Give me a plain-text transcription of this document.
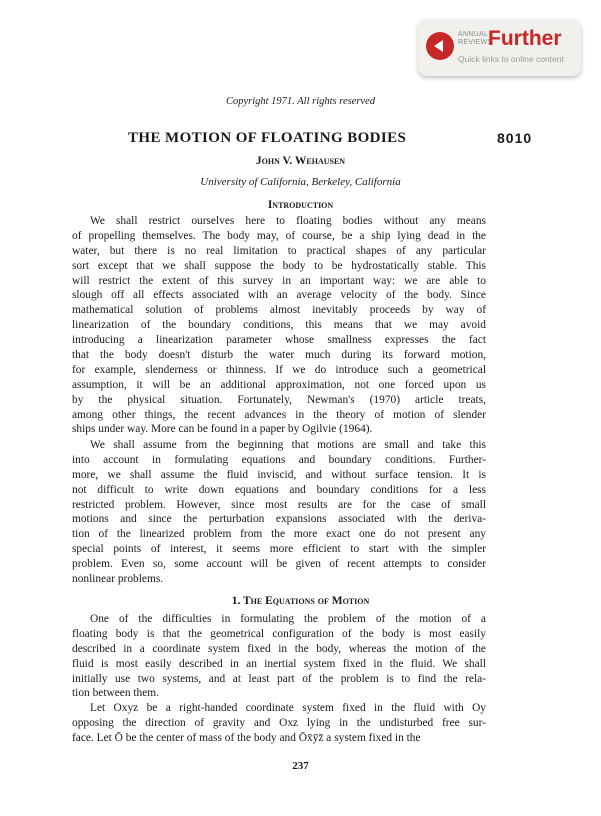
ANNUAL REVIEWS
Further
Quick links to online content
Copyright 1971. All rights reserved
THE MOTION OF FLOATING BODIES	8010
John V. Wehausen
University of California, Berkeley, California
Introduction
We shall restrict ourselves here to floating bodies without any means
of propelling themselves. The body may, of course, be a ship lying dead in the
water, but there is no real limitation to practical shapes of any particular
sort except that we shall suppose the body to be hydrostatically stable. This
will restrict the extent of this survey in an important way: we are able to
slough off all effects associated with an average velocity of the body. Since
mathematical solution of problems almost inevitably proceeds by way of
linearization of the boundary conditions, this means that we may avoid
introducing a linearization parameter whose smallness expresses the fact
that the body doesn't disturb the water much during its forward motion,
for example, slenderness or thinness. If we do introduce such a geometrical
assumption, it will be an additional approximation, not one forced upon us
by the physical situation. Fortunately, Newman's (1970) article treats,
among other things, the recent advances in the theory of motion of slender
ships under way. More can be found in a paper by Ogilvie (1964).
We shall assume from the beginning that motions are small and take this
into account in formulating equations and boundary conditions. Further-
more, we shall assume the fluid inviscid, and without surface tension. It is
not difficult to write down equations and boundary conditions for a less
restricted problem. However, since most results are for the case of small
motions and since the perturbation expansions associated with the deriva-
tion of the linearized problem from the more exact one do not present any
special points of interest, it seems more efficient to start with the simpler
problem. Even so, some account will be given of recent attempts to consider
nonlinear problems.
1. The Equations of Motion
One of the difficulties in formulating the problem of the motion of a
floating body is that the geometrical configuration of the body is most easily
described in a coordinate system fixed in the body, whereas the motion of the
fluid is most easily described in an inertial system fixed in the fluid. We shall
initially use two systems, and at least part of the problem is to find the rela-
tion between them.
Let Oxyz be a right-handed coordinate system fixed in the fluid with Oy
opposing the direction of gravity and Oxz lying in the undisturbed free sur-
face. Let Ō be the center of mass of the body and Ōx̄ȳz̄ a system fixed in the
237
